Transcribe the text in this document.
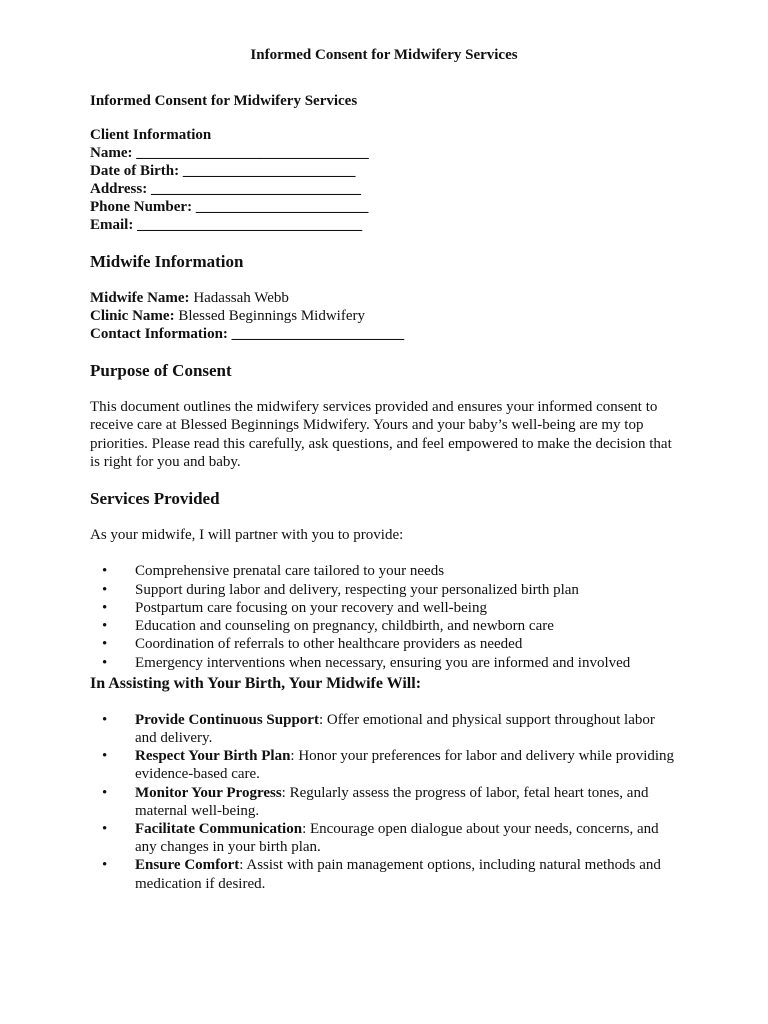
Informed Consent for Midwifery Services
Informed Consent for Midwifery Services
Client Information
Name: _______________________________
Date of Birth: _______________________
Address: ____________________________
Phone Number: _______________________
Email: ______________________________
Midwife Information
Midwife Name: Hadassah Webb
Clinic Name: Blessed Beginnings Midwifery
Contact Information: _______________________
Purpose of Consent
This document outlines the midwifery services provided and ensures your informed consent to
receive care at Blessed Beginnings Midwifery. Yours and your baby’s well-being are my top
priorities. Please read this carefully, ask questions, and feel empowered to make the decision that
is right for you and baby.
Services Provided
As your midwife, I will partner with you to provide:
• Comprehensive prenatal care tailored to your needs
• Support during labor and delivery, respecting your personalized birth plan
• Postpartum care focusing on your recovery and well-being
• Education and counseling on pregnancy, childbirth, and newborn care
• Coordination of referrals to other healthcare providers as needed
• Emergency interventions when necessary, ensuring you are informed and involved
In Assisting with Your Birth, Your Midwife Will:
• Provide Continuous Support: Offer emotional and physical support throughout labor
and delivery.
• Respect Your Birth Plan: Honor your preferences for labor and delivery while providing
evidence-based care.
• Monitor Your Progress: Regularly assess the progress of labor, fetal heart tones, and
maternal well-being.
• Facilitate Communication: Encourage open dialogue about your needs, concerns, and
any changes in your birth plan.
• Ensure Comfort: Assist with pain management options, including natural methods and
medication if desired.
